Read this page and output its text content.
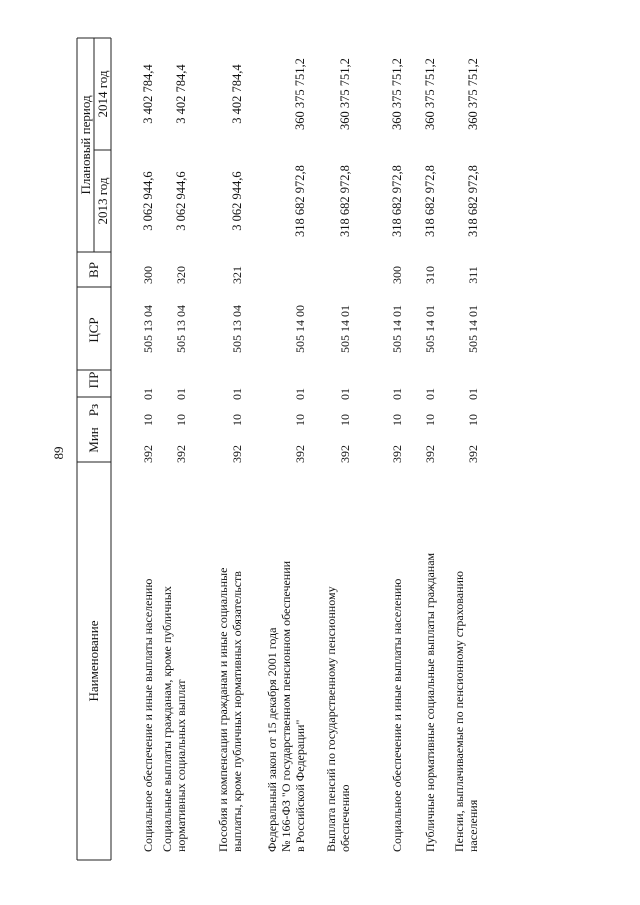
89
Наименование
Мин
Рз
ПР
ЦСР
ВР
Плановый период
2013 год
2014 год
Социальное обеспечение и иные выплаты населению
392
10
01
505 13 04
300
3 062 944,6
3 402 784,4
Социальные выплаты гражданам, кроме публичных нормативных социальных выплат
392
10
01
505 13 04
320
3 062 944,6
3 402 784,4
Пособия и компенсации гражданам и иные социальные выплаты, кроме публичных нормативных обязательств
392
10
01
505 13 04
321
3 062 944,6
3 402 784,4
Федеральный закон от 15 декабря 2001 года № 166-ФЗ "О государственном пенсионном обеспечении в Российской Федерации"
392
10
01
505 14 00
318 682 972,8
360 375 751,2
Выплата пенсий по государственному пенсионному обеспечению
392
10
01
505 14 01
318 682 972,8
360 375 751,2
Социальное обеспечение и иные выплаты населению
392
10
01
505 14 01
300
318 682 972,8
360 375 751,2
Публичные нормативные социальные выплаты гражданам
392
10
01
505 14 01
310
318 682 972,8
360 375 751,2
Пенсии, выплачиваемые по пенсионному страхованию населения
392
10
01
505 14 01
311
318 682 972,8
360 375 751,2
